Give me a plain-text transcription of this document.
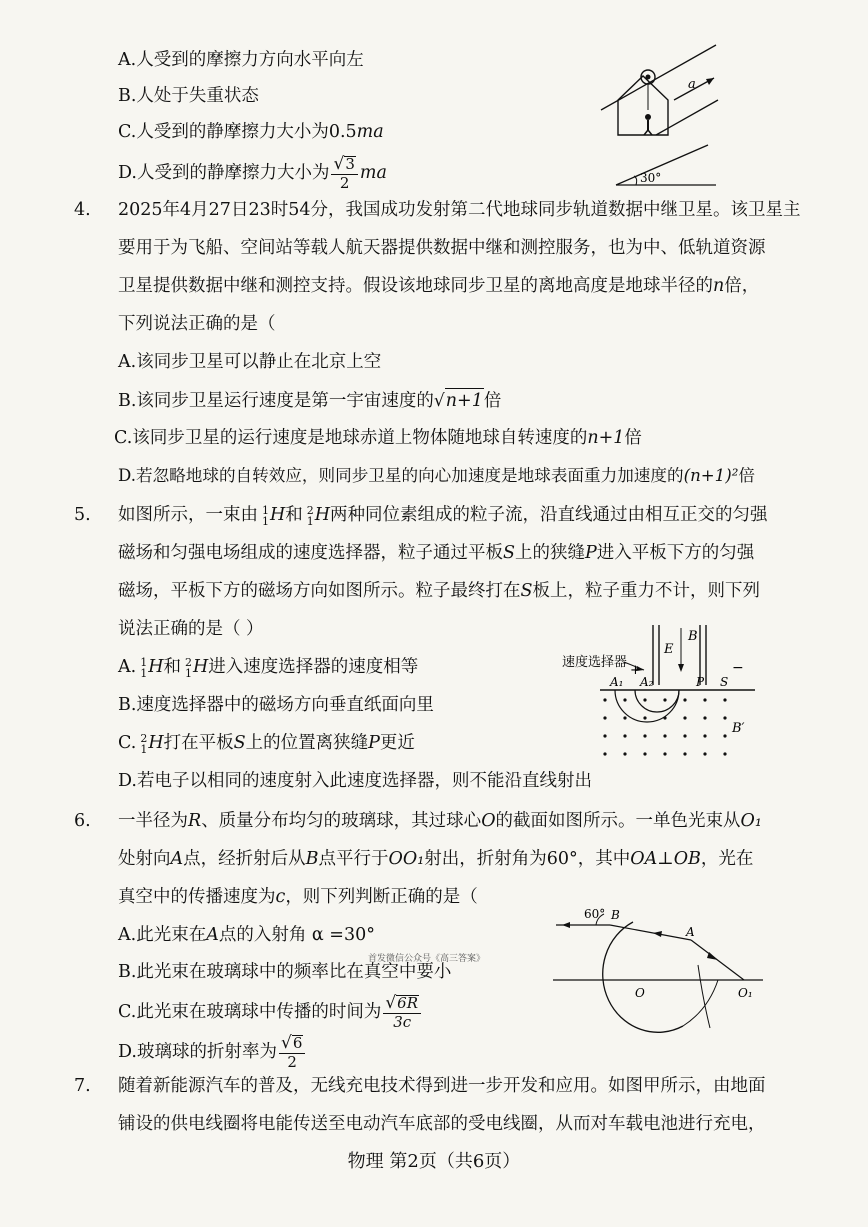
A.人受到的摩擦力方向水平向左
B.人处于失重状态
C.人受到的静摩擦力大小为0.5ma
D.人受到的静摩擦力大小为 $\frac{√3}{2}$ ma
a
30°
4. 2025年4月27日23时54分，我国成功发射第二代地球同步轨道数据中继卫星。该卫星主
要用于为飞船、空间站等载人航天器提供数据中继和测控服务，也为中、低轨道资源
卫星提供数据中继和测控支持。假设该地球同步卫星的离地高度是地球半径的n倍，
下列说法正确的是（
A.该同步卫星可以静止在北京上空
B.该同步卫星运行速度是第一宇宙速度的√n+1倍
C.该同步卫星的运行速度是地球赤道上物体随地球自转速度的n+1倍
D.若忽略地球的自转效应，则同步卫星的向心加速度是地球表面重力加速度的(n+1)²倍
5. 如图所示，一束由 1
1 H和 2
1 H两种同位素组成的粒子流，沿直线通过由相互正交的匀强
磁场和匀强电场组成的速度选择器，粒子通过平板S上的狭缝P进入平板下方的匀强
磁场，平板下方的磁场方向如图所示。粒子最终打在S板上，粒子重力不计，则下列
说法正确的是（ ）
A. 1
1 H和 2
1 H进入速度选择器的速度相等
B.速度选择器中的磁场方向垂直纸面向里
C. 2
1 H打在平板S上的位置离狭缝P更近
D.若电子以相同的速度射入此速度选择器，则不能沿直线射出
速度选择器
E
B
+	−
A₁ A₂	P S
B′
6. 一半径为R、质量分布均匀的玻璃球，其过球心O的截面如图所示。一单色光束从O₁
处射向A点，经折射后从B点平行于OO₁射出，折射角为60°，其中OA⊥OB，光在
真空中的传播速度为c，则下列判断正确的是（
A.此光束在A点的入射角 α =30°
B.此光束在玻璃球中的频率比在真空中要小
C.此光束在玻璃球中传播的时间为 $\frac{√6R}{3c}$
D.玻璃球的折射率为 $\frac{√6}{2}$
首发微信公众号《高三答案》
60° B
A
O	O₁
7. 随着新能源汽车的普及，无线充电技术得到进一步开发和应用。如图甲所示，由地面
铺设的供电线圈将电能传送至电动汽车底部的受电线圈，从而对车载电池进行充电，
物理 第2页（共6页）
